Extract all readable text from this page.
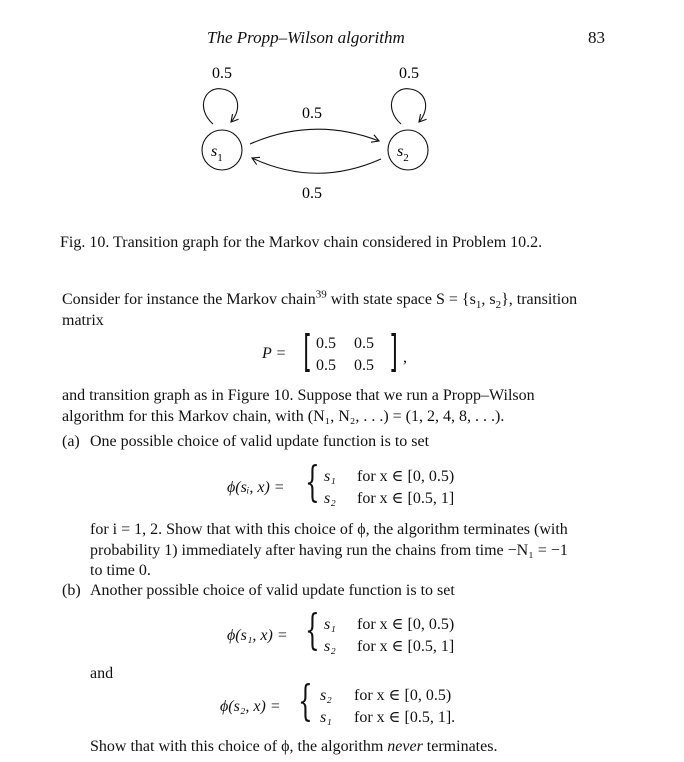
The Propp–Wilson algorithm	83
0.5	0.5
0.5
0.5
$s_1$	$s_2$
Fig. 10. Transition graph for the Markov chain considered in Problem 10.2.
Consider for instance the Markov chain$^{39}$ with state space $S = \{s_1$, $s_2$}, transition
matrix
P = [ 0.5 0.5
0.5 0.5 ] ,
and transition graph as in Figure 10. Suppose that we run a Propp–Wilson
algorithm for this Markov chain, with (N₁, N₂, . . .) = (1, 2, 4, 8, . . .).
(a) One possible choice of valid update function is to set
ϕ(sᵢ, x) = { s₁ for x ∈ [0, 0.5)
s₂ for x ∈ [0.5, 1]
for i = 1, 2. Show that with this choice of ϕ, the algorithm terminates (with
probability 1) immediately after having run the chains from time −N₁ = −1
to time 0.
(b) Another possible choice of valid update function is to set
ϕ(s₁, x) = { s₁ for x ∈ [0, 0.5)
s₂ for x ∈ [0.5, 1]
and
ϕ(s₂, x) = { s₂ for x ∈ [0, 0.5)
s₁ for x ∈ [0.5, 1].
Show that with this choice of ϕ, the algorithm never terminates.
